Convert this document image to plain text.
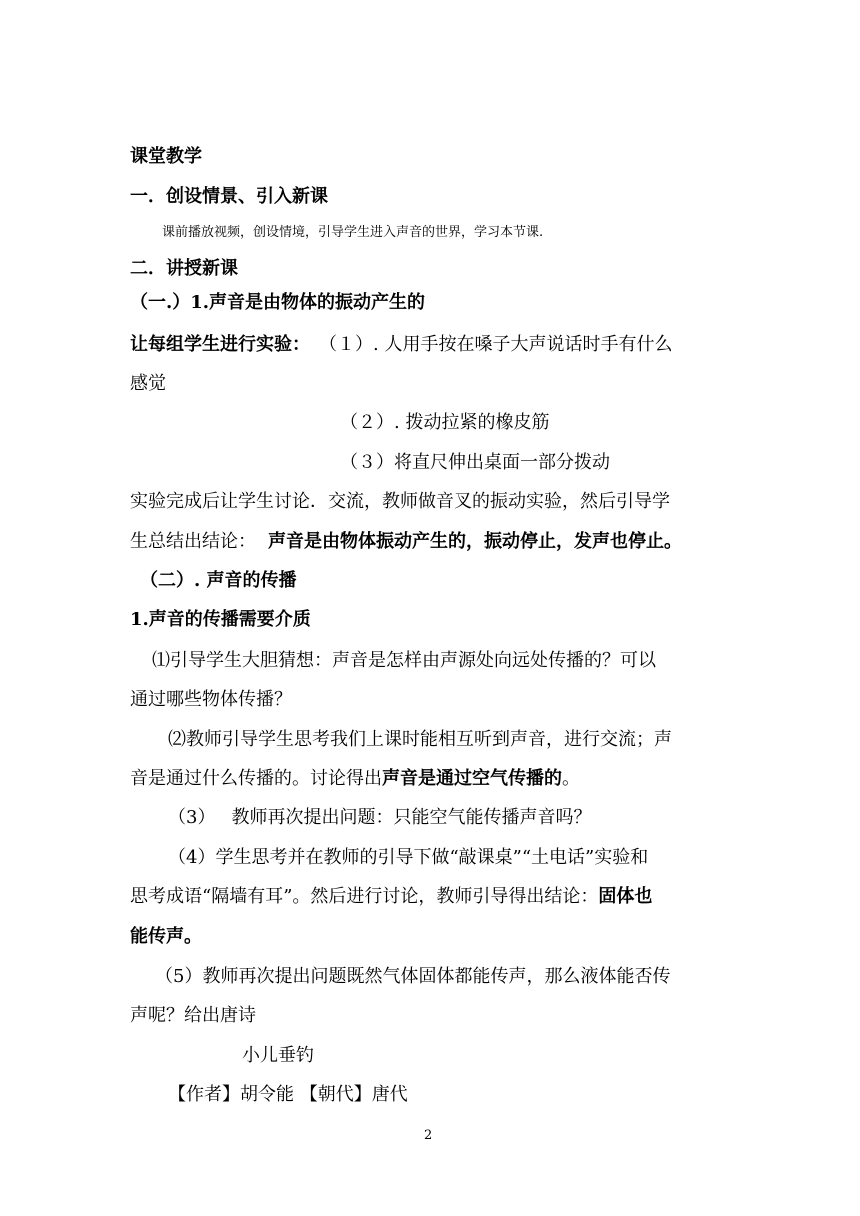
课堂教学
一．创设情景、引入新课
课前播放视频，创设情境，引导学生进入声音的世界，学习本节课.
二．讲授新课
（一.）1.声音是由物体的振动产生的
让每组学生进行实验： （１）. 人用手按在嗓子大声说话时手有什么
感觉
（２）. 拨动拉紧的橡皮筋
（３）将直尺伸出桌面一部分拨动
实验完成后让学生讨论．交流，教师做音叉的振动实验，然后引导学
生总结出结论： 声音是由物体振动产生的，振动停止，发声也停止。
（二）. 声音的传播
1.声音的传播需要介质
⑴引导学生大胆猜想：声音是怎样由声源处向远处传播的？可以
通过哪些物体传播？
⑵教师引导学生思考我们上课时能相互听到声音，进行交流；声
音是通过什么传播的。讨论得出声音是通过空气传播的。
（3） 教师再次提出问题：只能空气能传播声音吗？
（4）学生思考并在教师的引导下做“敲课桌”“土电话”实验和
思考成语“隔墙有耳”。然后进行讨论，教师引导得出结论：固体也
能传声。
（5）教师再次提出问题既然气体固体都能传声，那么液体能否传
声呢？给出唐诗
小儿垂钓
【作者】胡令能 【朝代】唐代
2
